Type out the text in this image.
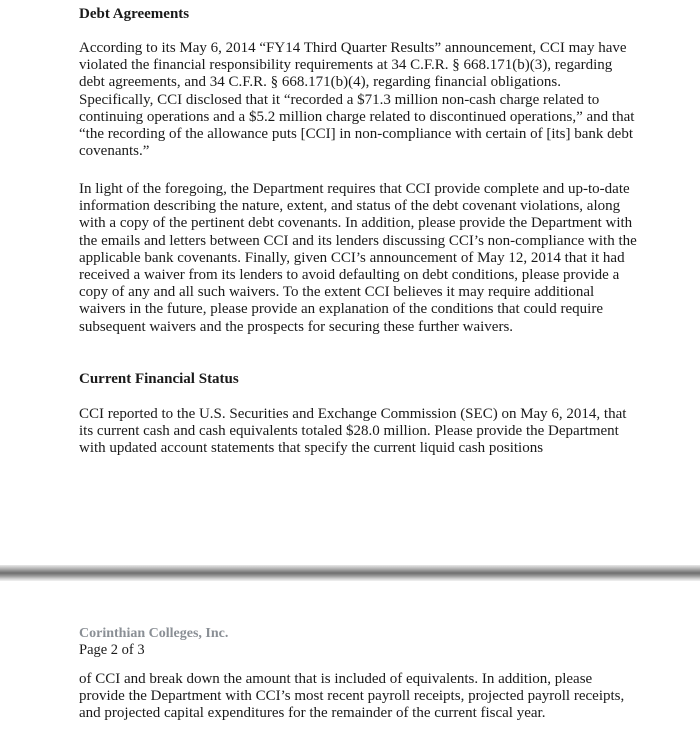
Debt Agreements

According to its May 6, 2014 “FY14 Third Quarter Results” announcement, CCI may have violated the financial responsibility requirements at 34 C.F.R. § 668.171(b)(3), regarding debt agreements, and 34 C.F.R. § 668.171(b)(4), regarding financial obligations. Specifically, CCI disclosed that it “recorded a $71.3 million non-cash charge related to continuing operations and a $5.2 million charge related to discontinued operations,” and that “the recording of the allowance puts [CCI] in non-compliance with certain of [its] bank debt covenants.”

In light of the foregoing, the Department requires that CCI provide complete and up-to-date information describing the nature, extent, and status of the debt covenant violations, along with a copy of the pertinent debt covenants. In addition, please provide the Department with the emails and letters between CCI and its lenders discussing CCI’s non-compliance with the applicable bank covenants. Finally, given CCI’s announcement of May 12, 2014 that it had received a waiver from its lenders to avoid defaulting on debt conditions, please provide a copy of any and all such waivers. To the extent CCI believes it may require additional waivers in the future, please provide an explanation of the conditions that could require subsequent waivers and the prospects for securing these further waivers.

Current Financial Status

CCI reported to the U.S. Securities and Exchange Commission (SEC) on May 6, 2014, that its current cash and cash equivalents totaled $28.0 million. Please provide the Department with updated account statements that specify the current liquid cash positions

Corinthian Colleges, Inc.

Page 2 of 3

of CCI and break down the amount that is included of equivalents. In addition, please provide the Department with CCI’s most recent payroll receipts, projected payroll receipts, and projected capital expenditures for the remainder of the current fiscal year.
